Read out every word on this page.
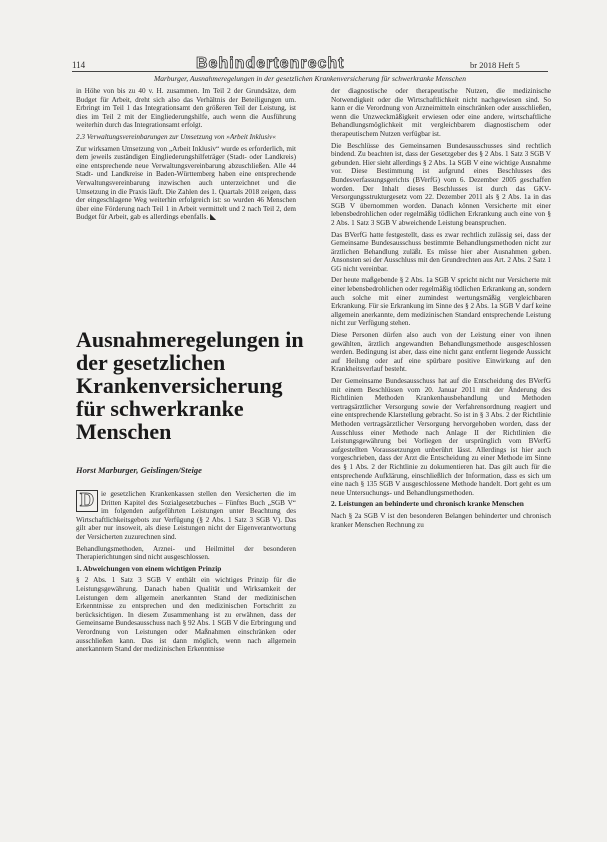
114	Behindertenrecht	br 2018 Heft 5
Marburger, Ausnahmeregelungen in der gesetzlichen Krankenversicherung für schwerkranke Menschen

in Höhe von bis zu 40 v. H. zusammen. Im Teil 2 der Grundsätze, dem Budget für Arbeit, dreht sich also das Verhältnis der Beteiligungen um. Erbringt im Teil 1 das Integrationsamt den größeren Teil der Leistung, ist dies im Teil 2 mit der Eingliederungshilfe, auch wenn die Ausführung weiterhin durch das Integrationsamt erfolgt.

2.3 Verwaltungsvereinbarungen zur Umsetzung von »Arbeit Inklusiv«

Zur wirksamen Umsetzung von „Arbeit Inklusiv“ wurde es erforderlich, mit dem jeweils zuständigen Eingliederungshilfeträger (Stadt- oder Landkreis) eine entsprechende neue Verwaltungsvereinbarung abzuschließen. Alle 44 Stadt- und Landkreise in Baden-Württemberg haben eine entsprechende Verwaltungsvereinbarung inzwischen auch unterzeichnet und die Umsetzung in die Praxis läuft. Die Zahlen des 1. Quartals 2018 zeigen, dass der eingeschlagene Weg weiterhin erfolgreich ist: so wurden 46 Menschen über eine Förderung nach Teil 1 in Arbeit vermittelt und 2 nach Teil 2, dem Budget für Arbeit, gab es allerdings ebenfalls. ◣

Ausnahmeregelungen in der gesetzlichen Krankenversicherung für schwerkranke Menschen
Horst Marburger, Geislingen/Steige

D ie gesetzlichen Krankenkassen stellen den Versicherten die im Dritten Kapitel des Sozialgesetzbuches – Fünftes Buch „SGB V“ im folgenden aufgeführten Leistungen unter Beachtung des Wirtschaftlichkeitsgebots zur Verfügung (§ 2 Abs. 1 Satz 3 SGB V). Das gilt aber nur insoweit, als diese Leistungen nicht der Eigenverantwortung der Versicherten zuzurechnen sind.

Behandlungsmethoden, Arznei- und Heilmittel der besonderen Therapierichtungen sind nicht ausgeschlossen.

1. Abweichungen von einem wichtigen Prinzip

§ 2 Abs. 1 Satz 3 SGB V enthält ein wichtiges Prinzip für die Leistungsgewährung. Danach haben Qualität und Wirksamkeit der Leistungen dem allgemein anerkannten Stand der medizinischen Erkenntnisse zu entsprechen und den medizinischen Fortschritt zu berücksichtigen. In diesem Zusammenhang ist zu erwähnen, dass der Gemeinsame Bundesausschuss nach § 92 Abs. 1 SGB V die Erbringung und Verordnung von Leistungen oder Maßnahmen einschränken oder ausschließen kann. Das ist dann möglich, wenn nach allgemein anerkanntem Stand der medizinischen Erkenntnisse

der diagnostische oder therapeutische Nutzen, die medizinische Notwendigkeit oder die Wirtschaftlichkeit nicht nachgewiesen sind. So kann er die Verordnung von Arzneimitteln einschränken oder ausschließen, wenn die Unzweckmäßigkeit erwiesen oder eine andere, wirtschaftliche Behandlungsmöglichkeit mit vergleichbarem diagnostischem oder therapeutischem Nutzen verfügbar ist.

Die Beschlüsse des Gemeinsamen Bundesausschusses sind rechtlich bindend. Zu beachten ist, dass der Gesetzgeber des § 2 Abs. 1 Satz 3 SGB V gebunden. Hier sieht allerdings § 2 Abs. 1a SGB V eine wichtige Ausnahme vor. Diese Bestimmung ist aufgrund eines Beschlusses des Bundesverfassungsgerichts (BVerfG) vom 6. Dezember 2005 geschaffen worden. Der Inhalt dieses Beschlusses ist durch das GKV-Versorgungsstrukturgesetz vom 22. Dezember 2011 als § 2 Abs. 1a in das SGB V übernommen worden. Danach können Versicherte mit einer lebensbedrohlichen oder regelmäßig tödlichen Erkrankung auch eine von § 2 Abs. 1 Satz 3 SGB V abweichende Leistung beanspruchen.

Das BVerfG hatte festgestellt, dass es zwar rechtlich zulässig sei, dass der Gemeinsame Bundesausschuss bestimmte Behandlungsmethoden nicht zur ärztlichen Behandlung zuläßt. Es müsse hier aber Ausnahmen geben. Ansonsten sei der Ausschluss mit den Grundrechten aus Art. 2 Abs. 2 Satz 1 GG nicht vereinbar.

Der heute maßgebende § 2 Abs. 1a SGB V spricht nicht nur Versicherte mit einer lebensbedrohlichen oder regelmäßig tödlichen Erkrankung an, sondern auch solche mit einer zumindest wertungsmäßig vergleichbaren Erkrankung. Für sie Erkrankung im Sinne des § 2 Abs. 1a SGB V darf keine allgemein anerkannte, dem medizinischen Standard entsprechende Leistung nicht zur Verfügung stehen.

Diese Personen dürfen also auch von der Leistung einer von ihnen gewählten, ärztlich angewandten Behandlungsmethode ausgeschlossen werden. Bedingung ist aber, dass eine nicht ganz entfernt liegende Aussicht auf Heilung oder auf eine spürbare positive Einwirkung auf den Krankheitsverlauf besteht.

Der Gemeinsame Bundesausschuss hat auf die Entscheidung des BVerfG mit einem Beschlüssen vom 20. Januar 2011 mit der Änderung des Richtlinien Methoden Krankenhausbehandlung und Methoden vertragsärztlicher Versorgung sowie der Verfahrensordnung reagiert und eine entsprechende Klarstellung gebracht. So ist in § 3 Abs. 2 der Richtlinie Methoden vertragsärztlicher Versorgung hervorgehoben worden, dass der Ausschluss einer Methode nach Anlage II der Richtlinien die Leistungsgewährung bei Vorliegen der ursprünglich vom BVerfG aufgestellten Voraussetzungen unberührt lässt. Allerdings ist hier auch vorgeschrieben, dass der Arzt die Entscheidung zu einer Methode im Sinne des § 1 Abs. 2 der Richtlinie zu dokumentieren hat. Das gilt auch für die entsprechende Aufklärung, einschließlich der Information, dass es sich um eine nach § 135 SGB V ausgeschlossene Methode handelt. Dort geht es um neue Untersuchungs- und Behandlungsmethoden.

2. Leistungen an behinderte und chronisch kranke Menschen

Nach § 2a SGB V ist den besonderen Belangen behinderter und chronisch kranker Menschen Rechnung zu
